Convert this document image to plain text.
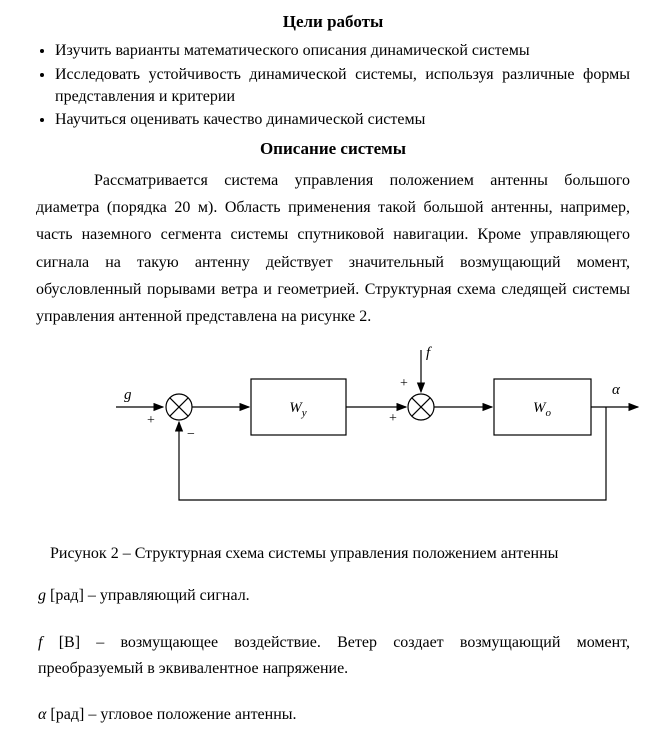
Цели работы
• Изучить варианты математического описания динамической системы
• Исследовать устойчивость динамической системы, используя различные формы представления и критерии
• Научиться оценивать качество динамической системы
Описание системы

Рассматривается система управления положением антенны большого диаметра (порядка 20 м). Область применения такой большой антенны, например, часть наземного сегмента системы спутниковой навигации. Кроме управляющего сигнала на такую антенну действует значительный возмущающий момент, обусловленный порывами ветра и геометрией. Структурная схема следящей системы управления антенной представлена на рисунке 2.

g
+
−
$W_у$	+
f
+
$W_о$
α

Рисунок 2 – Структурная схема системы управления положением антенны

g [рад] – управляющий сигнал.

f [В] – возмущающее воздействие. Ветер создает возмущающий момент, преобразуемый в эквивалентное напряжение.

α [рад] – угловое положение антенны.
